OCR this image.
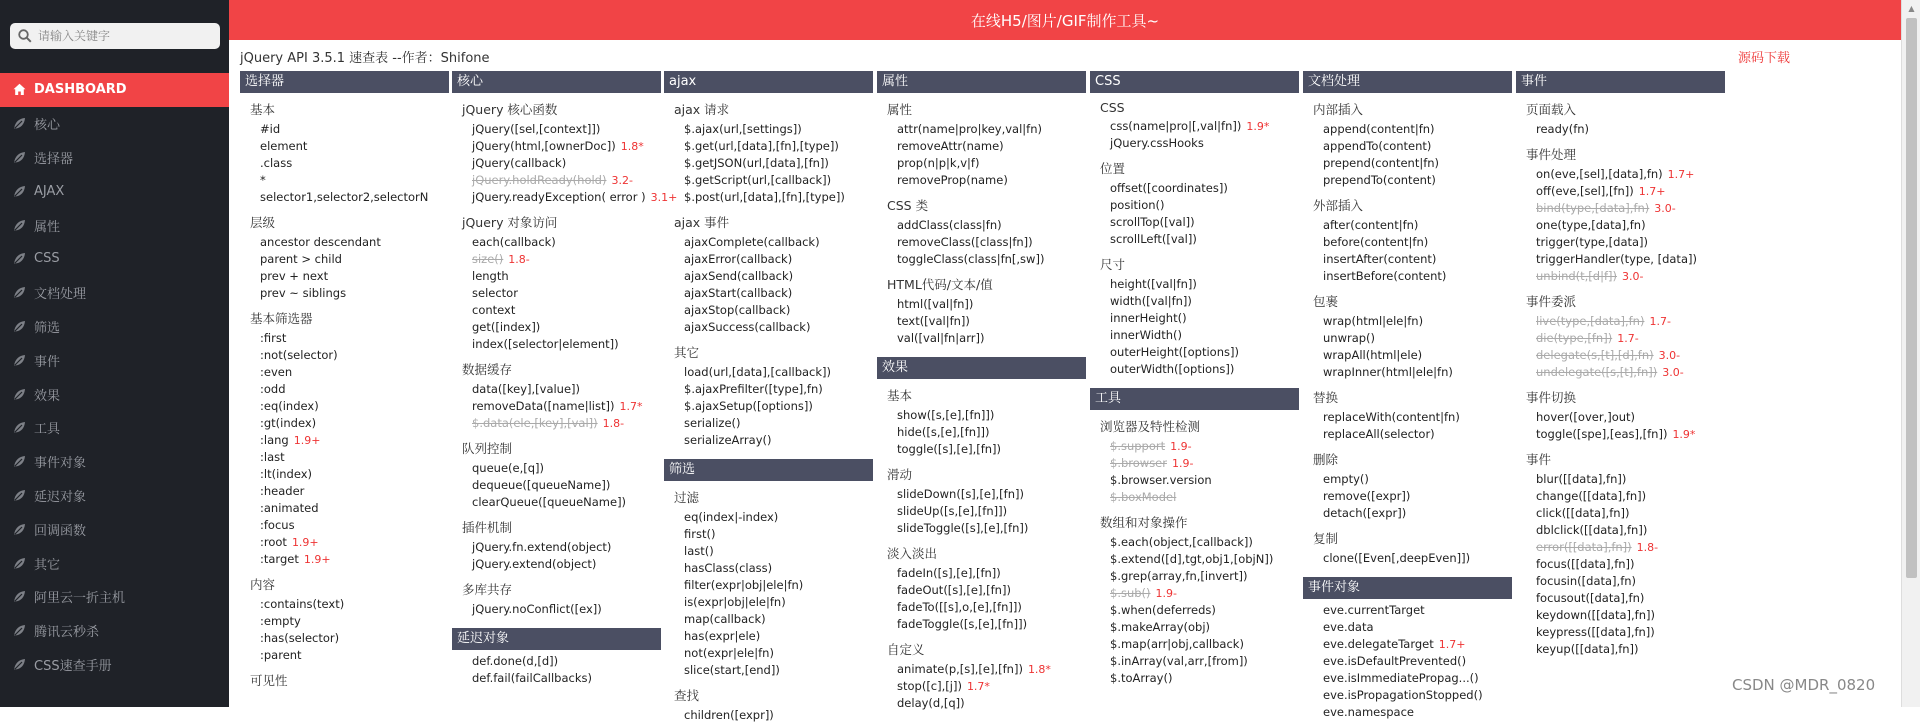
请输入关键字
DASHBOARD
核心
选择器
AJAX
属性
CSS
文档处理
筛选
事件
效果
工具
事件对象
延迟对象
回调函数
其它
阿里云一折主机
腾讯云秒杀
CSS速查手册
在线H5/图片/GIF制作工具~
jQuery API 3.5.1 速查表 --作者：Shifone	源码下载
选择器
基本
#id
element
.class
*
selector1,selector2,selectorN
层级
ancestor descendant
parent > child
prev + next
prev ~ siblings
基本筛选器
:first
:not(selector)
:even
:odd
:eq(index)
:gt(index)
:lang 1.9+
:last
:lt(index)
:header
:animated
:focus
:root 1.9+
:target 1.9+
内容
:contains(text)
:empty
:has(selector)
:parent
可见性
核心
jQuery 核心函数
jQuery([sel,[context]])
jQuery(html,[ownerDoc]) 1.8*
jQuery(callback)
jQuery.holdReady(hold) 3.2-
jQuery.readyException( error ) 3.1+
jQuery 对象访问
each(callback)
size() 1.8-
length
selector
context
get([index])
index([selector|element])
数据缓存
data([key],[value])
removeData([name|list]) 1.7*
$.data(ele,[key],[val]) 1.8-
队列控制
queue(e,[q])
dequeue([queueName])
clearQueue([queueName])
插件机制
jQuery.fn.extend(object)
jQuery.extend(object)
多库共存
jQuery.noConflict([ex])
延迟对象
def.done(d,[d])
def.fail(failCallbacks)
ajax
ajax 请求
$.ajax(url,[settings])
$.get(url,[data],[fn],[type])
$.getJSON(url,[data],[fn])
$.getScript(url,[callback])
$.post(url,[data],[fn],[type])
ajax 事件
ajaxComplete(callback)
ajaxError(callback)
ajaxSend(callback)
ajaxStart(callback)
ajaxStop(callback)
ajaxSuccess(callback)
其它
load(url,[data],[callback])
$.ajaxPrefilter([type],fn)
$.ajaxSetup([options])
serialize()
serializeArray()
筛选
过滤
eq(index|-index)
first()
last()
hasClass(class)
filter(expr|obj|ele|fn)
is(expr|obj|ele|fn)
map(callback)
has(expr|ele)
not(expr|ele|fn)
slice(start,[end])
查找
children([expr])
属性
属性
attr(name|pro|key,val|fn)
removeAttr(name)
prop(n|p|k,v|f)
removeProp(name)
CSS 类
addClass(class|fn)
removeClass([class|fn])
toggleClass(class|fn[,sw])
HTML代码/文本/值
html([val|fn])
text([val|fn])
val([val|fn|arr])
效果
基本
show([s,[e],[fn]])
hide([s,[e],[fn]])
toggle([s],[e],[fn])
滑动
slideDown([s],[e],[fn])
slideUp([s,[e],[fn]])
slideToggle([s],[e],[fn])
淡入淡出
fadeIn([s],[e],[fn])
fadeOut([s],[e],[fn])
fadeTo([[s],o,[e],[fn]])
fadeToggle([s,[e],[fn]])
自定义
animate(p,[s],[e],[fn]) 1.8*
stop([c],[j]) 1.7*
delay(d,[q])
CSS
CSS
css(name|pro|[,val|fn]) 1.9*
jQuery.cssHooks
位置
offset([coordinates])
position()
scrollTop([val])
scrollLeft([val])
尺寸
height([val|fn])
width([val|fn])
innerHeight()
innerWidth()
outerHeight([options])
outerWidth([options])
工具
浏览器及特性检测
$.support 1.9-
$.browser 1.9-
$.browser.version
$.boxModel
数组和对象操作
$.each(object,[callback])
$.extend([d],tgt,obj1,[objN])
$.grep(array,fn,[invert])
$.sub() 1.9-
$.when(deferreds)
$.makeArray(obj)
$.map(arr|obj,callback)
$.inArray(val,arr,[from])
$.toArray()
文档处理
内部插入
append(content|fn)
appendTo(content)
prepend(content|fn)
prependTo(content)
外部插入
after(content|fn)
before(content|fn)
insertAfter(content)
insertBefore(content)
包裹
wrap(html|ele|fn)
unwrap()
wrapAll(html|ele)
wrapInner(html|ele|fn)
替换
replaceWith(content|fn)
replaceAll(selector)
删除
empty()
remove([expr])
detach([expr])
复制
clone([Even[,deepEven]])
事件对象
eve.currentTarget
eve.data
eve.delegateTarget 1.7+
eve.isDefaultPrevented()
eve.isImmediatePropag...()
eve.isPropagationStopped()
eve.namespace
事件
页面载入
ready(fn)
事件处理
on(eve,[sel],[data],fn) 1.7+
off(eve,[sel],[fn]) 1.7+
bind(type,[data],fn) 3.0-
one(type,[data],fn)
trigger(type,[data])
triggerHandler(type, [data])
unbind(t,[d|f]) 3.0-
事件委派
live(type,[data],fn) 1.7-
die(type,[fn]) 1.7-
delegate(s,[t],[d],fn) 3.0-
undelegate([s,[t],fn]) 3.0-
事件切换
hover([over,]out)
toggle([spe],[eas],[fn]) 1.9*
事件
blur([[data],fn])
change([[data],fn])
click([[data],fn])
dblclick([[data],fn])
error([[data],fn]) 1.8-
focus([[data],fn])
focusin([data],fn)
focusout([data],fn)
keydown([[data],fn])
keypress([[data],fn])
keyup([[data],fn])
▲
CSDN @MDR_0820
